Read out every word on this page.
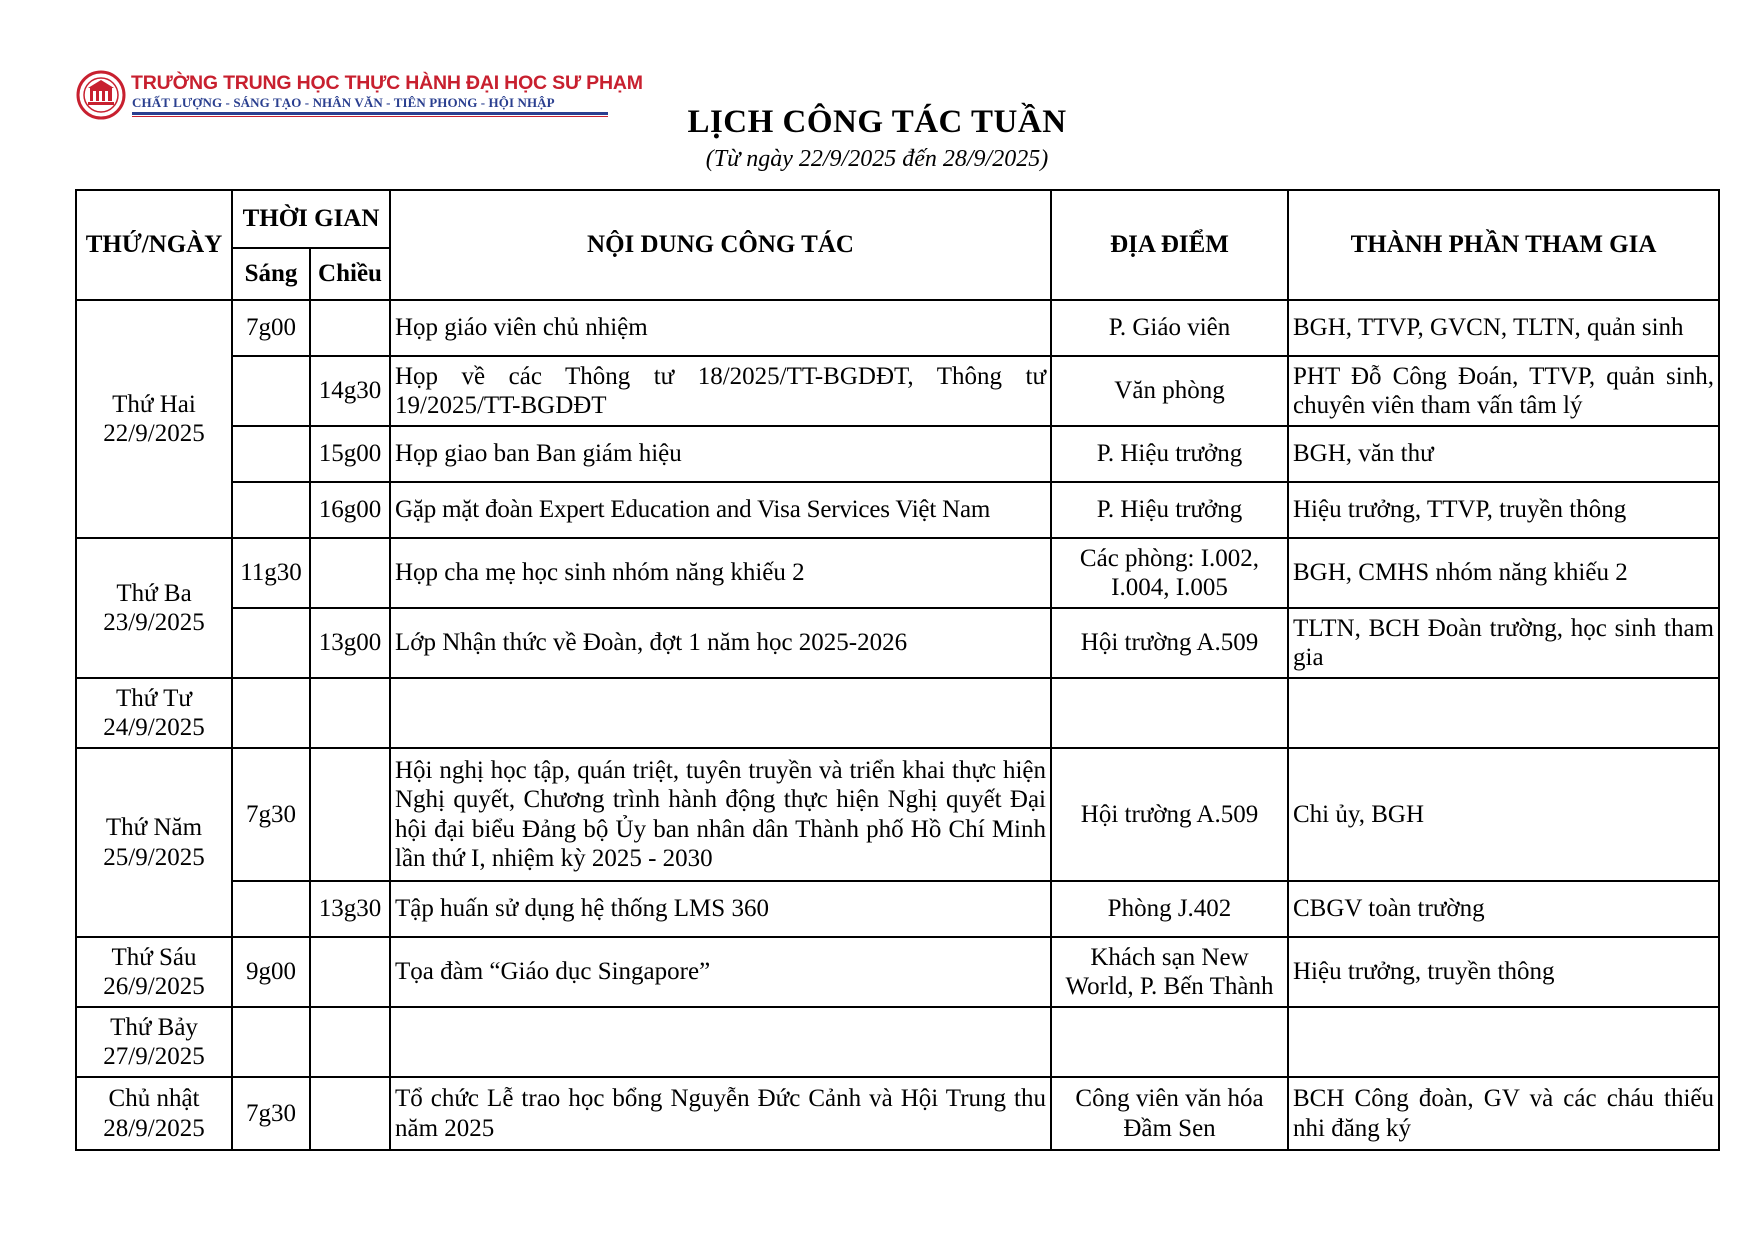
TRƯỜNG TRUNG HỌC THỰC HÀNH ĐẠI HỌC SƯ PHẠM
CHẤT LƯỢNG - SÁNG TẠO - NHÂN VĂN - TIÊN PHONG - HỘI NHẬP
LỊCH CÔNG TÁC TUẦN
(Từ ngày 22/9/2025 đến 28/9/2025)
THỨ/NGÀY	THỜI GIAN		NỘI DUNG CÔNG TÁC	ĐỊA ĐIỂM	THÀNH PHẦN THAM GIA
	Sáng	Chiều			

Thứ Hai
22/9/2025	7g00		Họp giáo viên chủ nhiệm	P. Giáo viên	BGH, TTVP, GVCN, TLTN, quản sinh
		14g30	Họp về các Thông tư 18/2025/TT-BGDĐT, Thông tư 19/2025/TT-BGDĐT	Văn phòng	PHT Đỗ Công Đoán, TTVP, quản sinh, chuyên viên tham vấn tâm lý
		15g00	Họp giao ban Ban giám hiệu	P. Hiệu trưởng	BGH, văn thư
		16g00	Gặp mặt đoàn Expert Education and Visa Services Việt Nam	P. Hiệu trưởng	Hiệu trưởng, TTVP, truyền thông

Thứ Ba
23/9/2025	11g30		Họp cha mẹ học sinh nhóm năng khiếu 2	Các phòng: I.002, I.004, I.005	BGH, CMHS nhóm năng khiếu 2
		13g00	Lớp Nhận thức về Đoàn, đợt 1 năm học 2025-2026	Hội trường A.509	TLTN, BCH Đoàn trường, học sinh tham gia

Thứ Tư
24/9/2025					

Thứ Năm
25/9/2025	7g30		Hội nghị học tập, quán triệt, tuyên truyền và triển khai thực hiện Nghị quyết, Chương trình hành động thực hiện Nghị quyết Đại hội đại biểu Đảng bộ Ủy ban nhân dân Thành phố Hồ Chí Minh lần thứ I, nhiệm kỳ 2025 - 2030	Hội trường A.509	Chi ủy, BGH
		13g30	Tập huấn sử dụng hệ thống LMS 360	Phòng J.402	CBGV toàn trường

Thứ Sáu
26/9/2025	9g00		Tọa đàm “Giáo dục Singapore”	Khách sạn New World, P. Bến Thành	Hiệu trưởng, truyền thông

Thứ Bảy
27/9/2025					

Chủ nhật
28/9/2025	7g30		Tổ chức Lễ trao học bổng Nguyễn Đức Cảnh và Hội Trung thu năm 2025	Công viên văn hóa Đầm Sen	BCH Công đoàn, GV và các cháu thiếu nhi đăng ký
